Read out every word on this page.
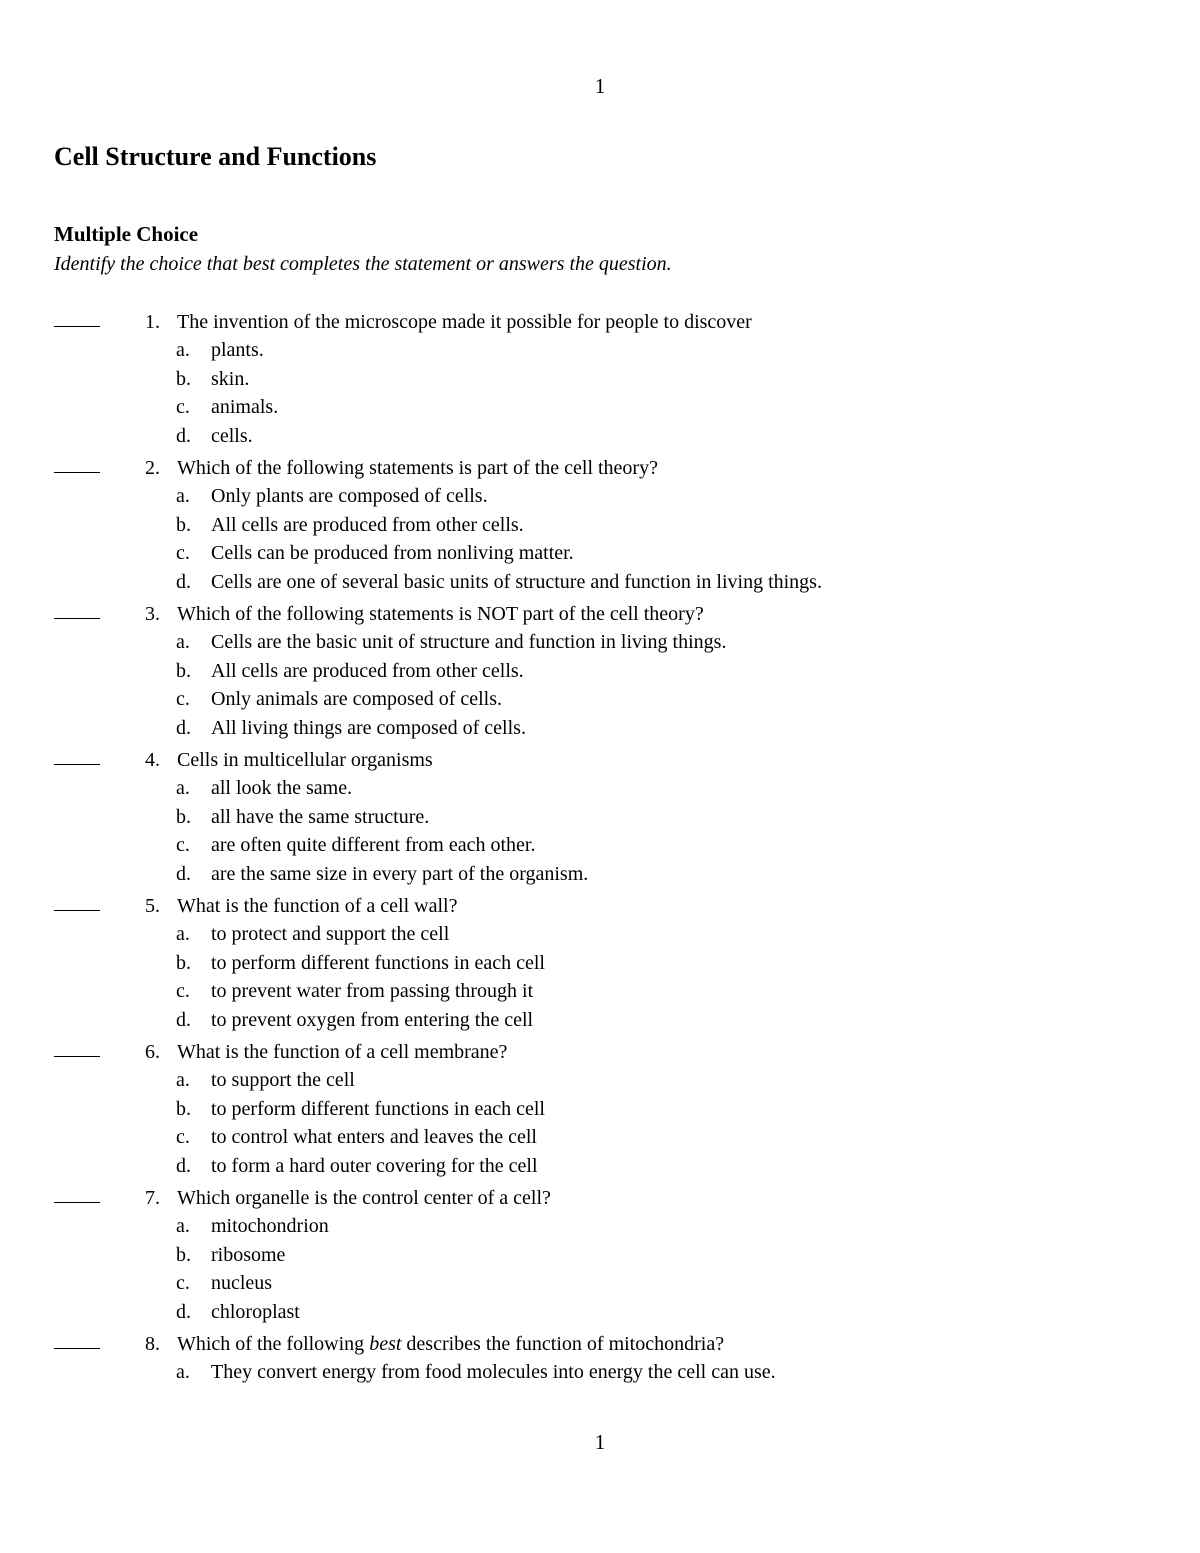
1
Cell Structure and Functions
Multiple Choice

Identify the choice that best completes the statement or answers the question.

1. The invention of the microscope made it possible for people to discover
a.	plants.
b.	skin.
c.	animals.
d.	cells.
2. Which of the following statements is part of the cell theory?
a.	Only plants are composed of cells.
b.	All cells are produced from other cells.
c.	Cells can be produced from nonliving matter.
d.	Cells are one of several basic units of structure and function in living things.
3. Which of the following statements is NOT part of the cell theory?
a.	Cells are the basic unit of structure and function in living things.
b.	All cells are produced from other cells.
c.	Only animals are composed of cells.
d.	All living things are composed of cells.
4. Cells in multicellular organisms
a.	all look the same.
b.	all have the same structure.
c.	are often quite different from each other.
d.	are the same size in every part of the organism.
5. What is the function of a cell wall?
a.	to protect and support the cell
b.	to perform different functions in each cell
c.	to prevent water from passing through it
d.	to prevent oxygen from entering the cell
6. What is the function of a cell membrane?
a.	to support the cell
b.	to perform different functions in each cell
c.	to control what enters and leaves the cell
d.	to form a hard outer covering for the cell
7. Which organelle is the control center of a cell?
a.	mitochondrion
b.	ribosome
c.	nucleus
d.	chloroplast
8. Which of the following best describes the function of mitochondria?
a.	They convert energy from food molecules into energy the cell can use.
1
